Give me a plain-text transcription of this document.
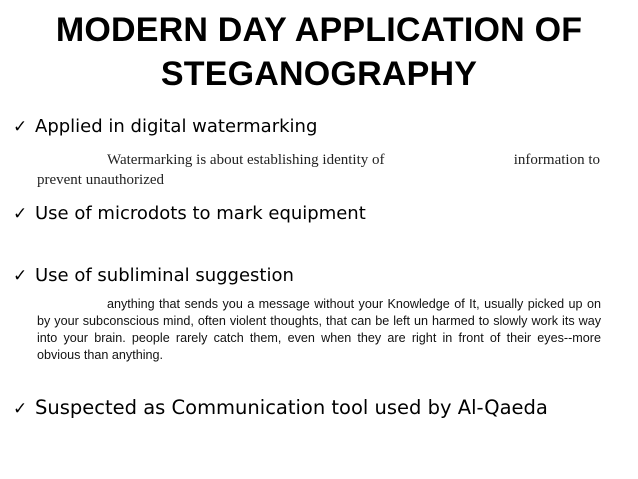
MODERN DAY APPLICATION OF
STEGANOGRAPHY
✓ Applied in digital watermarking
Watermarking is about establishing identity of	information to
prevent unauthorized
✓ Use of microdots to mark equipment
✓ Use of subliminal suggestion
anything that sends you a message without your Knowledge of It, usually picked up on by your subconscious mind, often violent thoughts, that can be left un harmed to slowly work its way into your brain. people rarely catch them, even when they are right in front of their eyes--more obvious than anything.
✓ Suspected as Communication tool used by Al-Qaeda
